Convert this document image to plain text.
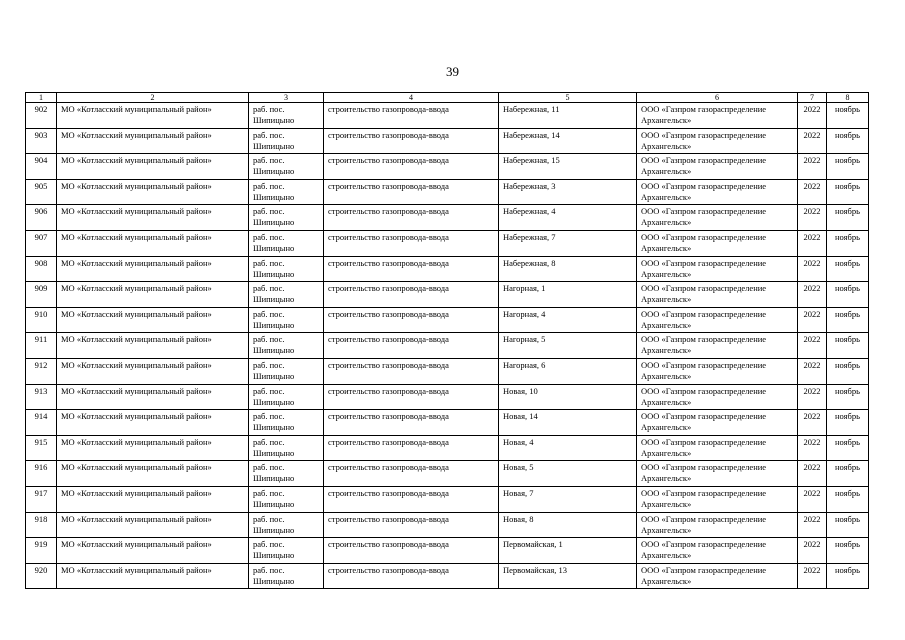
39
1	2	3	4	5	6	7	8
902	МО «Котласский муниципальный район»	раб. пос.
Шипицыно	строительство газопровода-ввода	Набережная, 11	ООО «Газпром газораспределение
Архангельск»	2022	ноябрь
903	МО «Котласский муниципальный район»	раб. пос.
Шипицыно	строительство газопровода-ввода	Набережная, 14	ООО «Газпром газораспределение
Архангельск»	2022	ноябрь
904	МО «Котласский муниципальный район»	раб. пос.
Шипицыно	строительство газопровода-ввода	Набережная, 15	ООО «Газпром газораспределение
Архангельск»	2022	ноябрь
905	МО «Котласский муниципальный район»	раб. пос.
Шипицыно	строительство газопровода-ввода	Набережная, 3	ООО «Газпром газораспределение
Архангельск»	2022	ноябрь
906	МО «Котласский муниципальный район»	раб. пос.
Шипицыно	строительство газопровода-ввода	Набережная, 4	ООО «Газпром газораспределение
Архангельск»	2022	ноябрь
907	МО «Котласский муниципальный район»	раб. пос.
Шипицыно	строительство газопровода-ввода	Набережная, 7	ООО «Газпром газораспределение
Архангельск»	2022	ноябрь
908	МО «Котласский муниципальный район»	раб. пос.
Шипицыно	строительство газопровода-ввода	Набережная, 8	ООО «Газпром газораспределение
Архангельск»	2022	ноябрь
909	МО «Котласский муниципальный район»	раб. пос.
Шипицыно	строительство газопровода-ввода	Нагорная, 1	ООО «Газпром газораспределение
Архангельск»	2022	ноябрь
910	МО «Котласский муниципальный район»	раб. пос.
Шипицыно	строительство газопровода-ввода	Нагорная, 4	ООО «Газпром газораспределение
Архангельск»	2022	ноябрь
911	МО «Котласский муниципальный район»	раб. пос.
Шипицыно	строительство газопровода-ввода	Нагорная, 5	ООО «Газпром газораспределение
Архангельск»	2022	ноябрь
912	МО «Котласский муниципальный район»	раб. пос.
Шипицыно	строительство газопровода-ввода	Нагорная, 6	ООО «Газпром газораспределение
Архангельск»	2022	ноябрь
913	МО «Котласский муниципальный район»	раб. пос.
Шипицыно	строительство газопровода-ввода	Новая, 10	ООО «Газпром газораспределение
Архангельск»	2022	ноябрь
914	МО «Котласский муниципальный район»	раб. пос.
Шипицыно	строительство газопровода-ввода	Новая, 14	ООО «Газпром газораспределение
Архангельск»	2022	ноябрь
915	МО «Котласский муниципальный район»	раб. пос.
Шипицыно	строительство газопровода-ввода	Новая, 4	ООО «Газпром газораспределение
Архангельск»	2022	ноябрь
916	МО «Котласский муниципальный район»	раб. пос.
Шипицыно	строительство газопровода-ввода	Новая, 5	ООО «Газпром газораспределение
Архангельск»	2022	ноябрь
917	МО «Котласский муниципальный район»	раб. пос.
Шипицыно	строительство газопровода-ввода	Новая, 7	ООО «Газпром газораспределение
Архангельск»	2022	ноябрь
918	МО «Котласский муниципальный район»	раб. пос.
Шипицыно	строительство газопровода-ввода	Новая, 8	ООО «Газпром газораспределение
Архангельск»	2022	ноябрь
919	МО «Котласский муниципальный район»	раб. пос.
Шипицыно	строительство газопровода-ввода	Первомайская, 1	ООО «Газпром газораспределение
Архангельск»	2022	ноябрь
920	МО «Котласский муниципальный район»	раб. пос.
Шипицыно	строительство газопровода-ввода	Первомайская, 13	ООО «Газпром газораспределение
Архангельск»	2022	ноябрь
